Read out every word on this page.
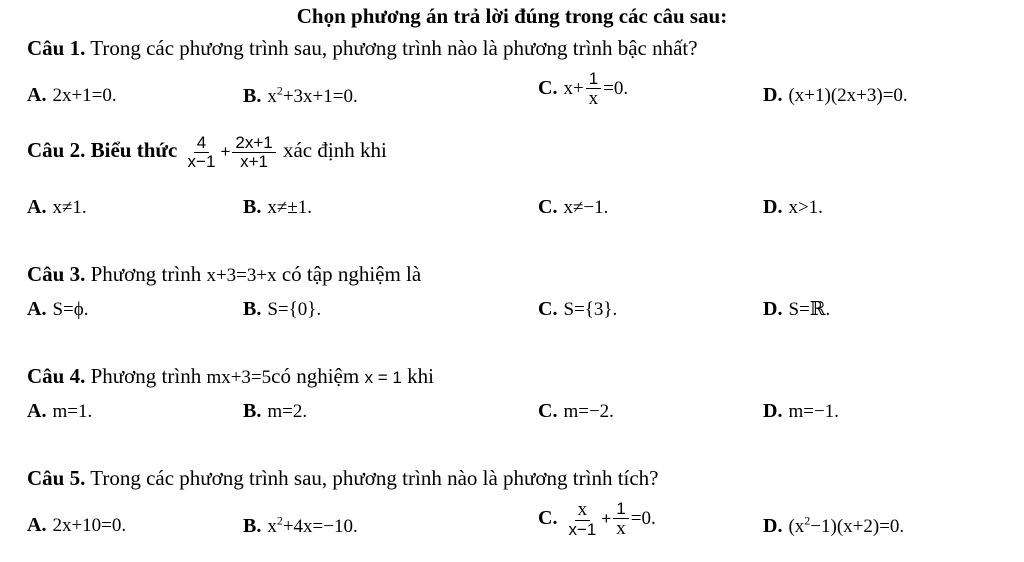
Chọn phương án trả lời đúng trong các câu sau:
Câu 1. Trong các phương trình sau, phương trình nào là phương trình bậc nhất?
A. 2x+1=0.	B. $x^2+3x+1=0$.	C. $x+ \frac{1}{x} =0$.	D. (x+1)(2x+3)=0.
Câu 2. Biểu thức $\frac{4}{x-1} + \frac{2x+1}{x+1}$ xác định khi
A. x≠1.	B. x≠±1.	C. x≠−1.	D. x>1.
Câu 3. Phương trình x+3=3+x có tập nghiệm là
A. S=ϕ.	B. S={0}.	C. S={3}.	D. S=ℝ.
Câu 4. Phương trình mx+3=5có nghiệm x = 1 khi
A. m=1.	B. m=2.	C. m=−2.	D. m=−1.
Câu 5. Trong các phương trình sau, phương trình nào là phương trình tích?
A. 2x+10=0.	B. $x^2+4x=-10$.	C. $\frac{x}{x-1} + \frac{1}{x} =0$.	D. $(x^2-1)(x+2)=0$.
